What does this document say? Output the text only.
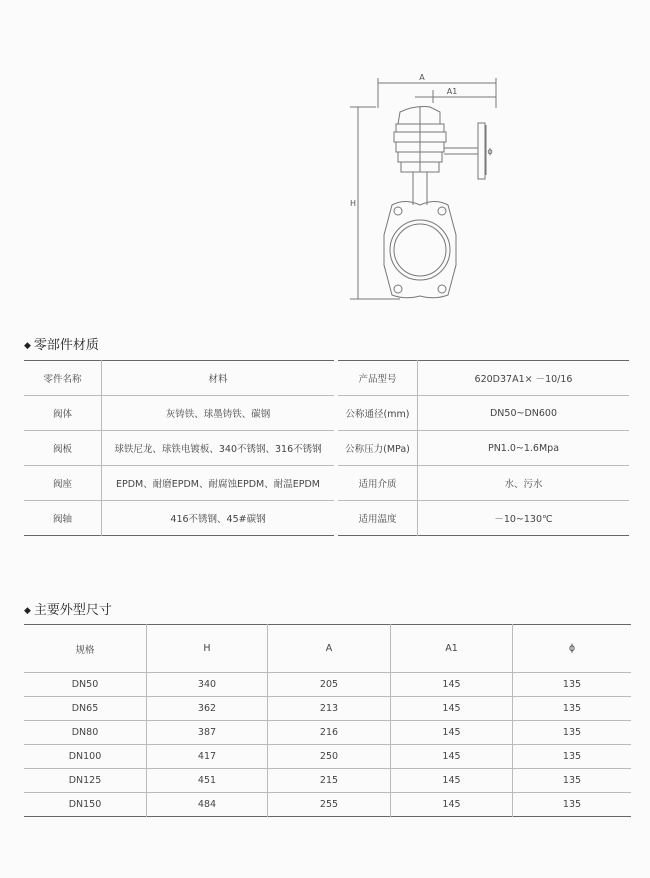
A
A1
H
ϕ
◆ 零部件材质
零件名称	材料
阀体	灰铸铁、球墨铸铁、碳钢
阀板	球铁尼龙、球铁电镀板、340不锈钢、316不锈钢
阀座	EPDM、耐磨EPDM、耐腐蚀EPDM、耐温EPDM
阀轴	416不锈钢、45#碳钢
产品型号	620D37A1× －10/16
公称通径(mm)	DN50~DN600
公称压力(MPa)	PN1.0~1.6Mpa
适用介质	水、污水
适用温度	－10~130℃
◆ 主要外型尺寸
规格	H	A	A1	ϕ
DN50	340	205	145	135
DN65	362	213	145	135
DN80	387	216	145	135
DN100	417	250	145	135
DN125	451	215	145	135
DN150	484	255	145	135
